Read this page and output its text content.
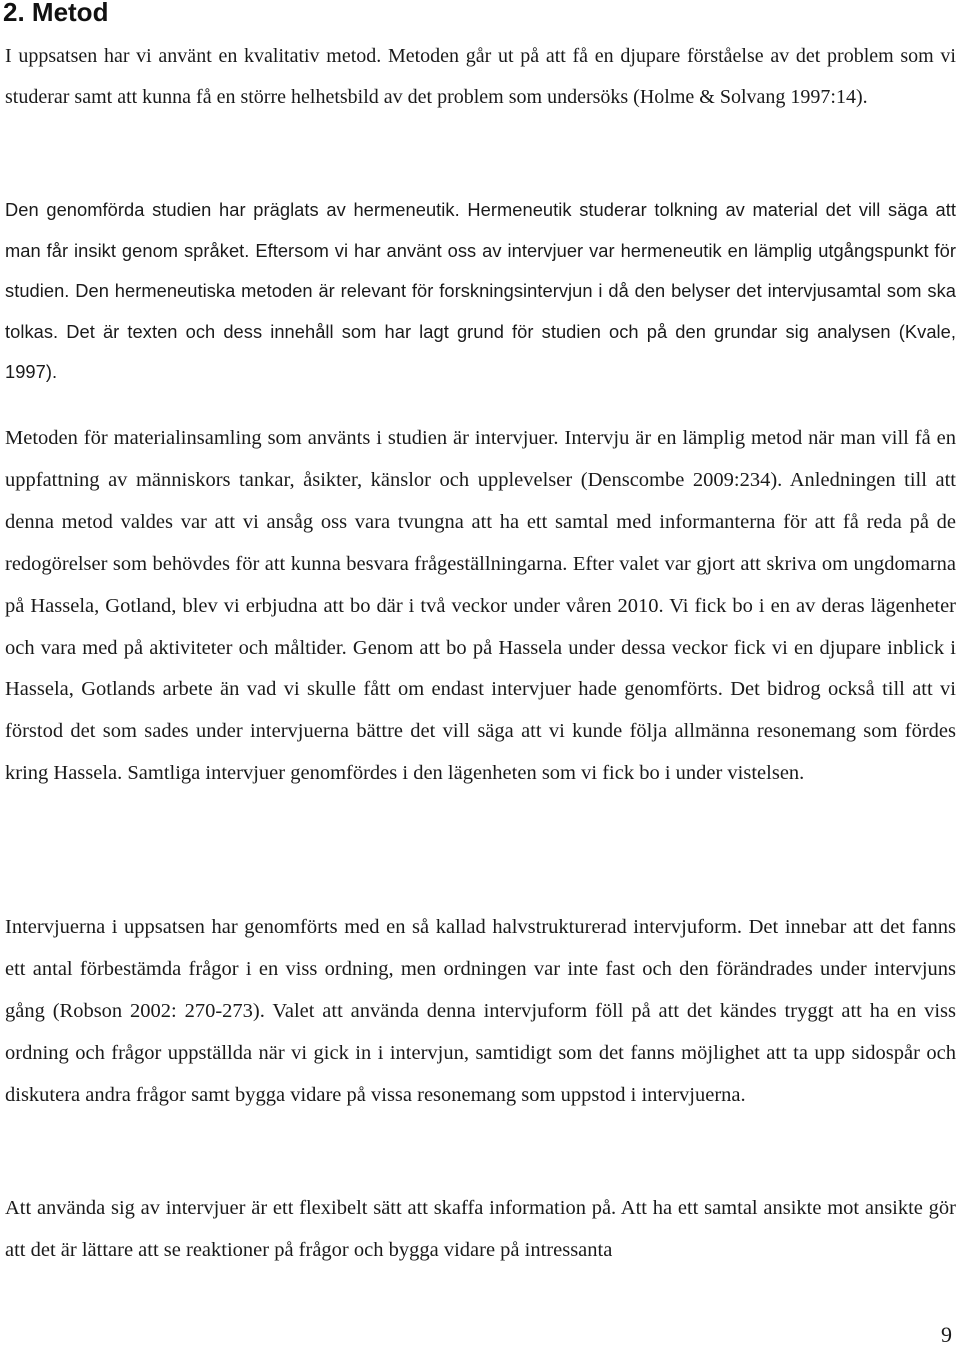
2. Metod

I uppsatsen har vi använt en kvalitativ metod. Metoden går ut på att få en djupare förståelse av det problem som vi studerar samt att kunna få en större helhetsbild av det problem som undersöks (Holme & Solvang 1997:14).

Den genomförda studien har präglats av hermeneutik. Hermeneutik studerar tolkning av material det vill säga att man får insikt genom språket. Eftersom vi har använt oss av intervjuer var hermeneutik en lämplig utgångspunkt för studien. Den hermeneutiska metoden är relevant för forskningsintervjun i då den belyser det intervjusamtal som ska tolkas. Det är texten och dess innehåll som har lagt grund för studien och på den grundar sig analysen (Kvale, 1997).

Metoden för materialinsamling som använts i studien är intervjuer. Intervju är en lämplig metod när man vill få en uppfattning av människors tankar, åsikter, känslor och upplevelser (Denscombe 2009:234). Anledningen till att denna metod valdes var att vi ansåg oss vara tvungna att ha ett samtal med informanterna för att få reda på de redogörelser som behövdes för att kunna besvara frågeställningarna. Efter valet var gjort att skriva om ungdomarna på Hassela, Gotland, blev vi erbjudna att bo där i två veckor under våren 2010. Vi fick bo i en av deras lägenheter och vara med på aktiviteter och måltider. Genom att bo på Hassela under dessa veckor fick vi en djupare inblick i Hassela, Gotlands arbete än vad vi skulle fått om endast intervjuer hade genomförts. Det bidrog också till att vi förstod det som sades under intervjuerna bättre det vill säga att vi kunde följa allmänna resonemang som fördes kring Hassela. Samtliga intervjuer genomfördes i den lägenheten som vi fick bo i under vistelsen.

Intervjuerna i uppsatsen har genomförts med en så kallad halvstrukturerad intervjuform. Det innebar att det fanns ett antal förbestämda frågor i en viss ordning, men ordningen var inte fast och den förändrades under intervjuns gång (Robson 2002: 270-273). Valet att använda denna intervjuform föll på att det kändes tryggt att ha en viss ordning och frågor uppställda när vi gick in i intervjun, samtidigt som det fanns möjlighet att ta upp sidospår och diskutera andra frågor samt bygga vidare på vissa resonemang som uppstod i intervjuerna.

Att använda sig av intervjuer är ett flexibelt sätt att skaffa information på. Att ha ett samtal ansikte mot ansikte gör att det är lättare att se reaktioner på frågor och bygga vidare på intressanta

9
